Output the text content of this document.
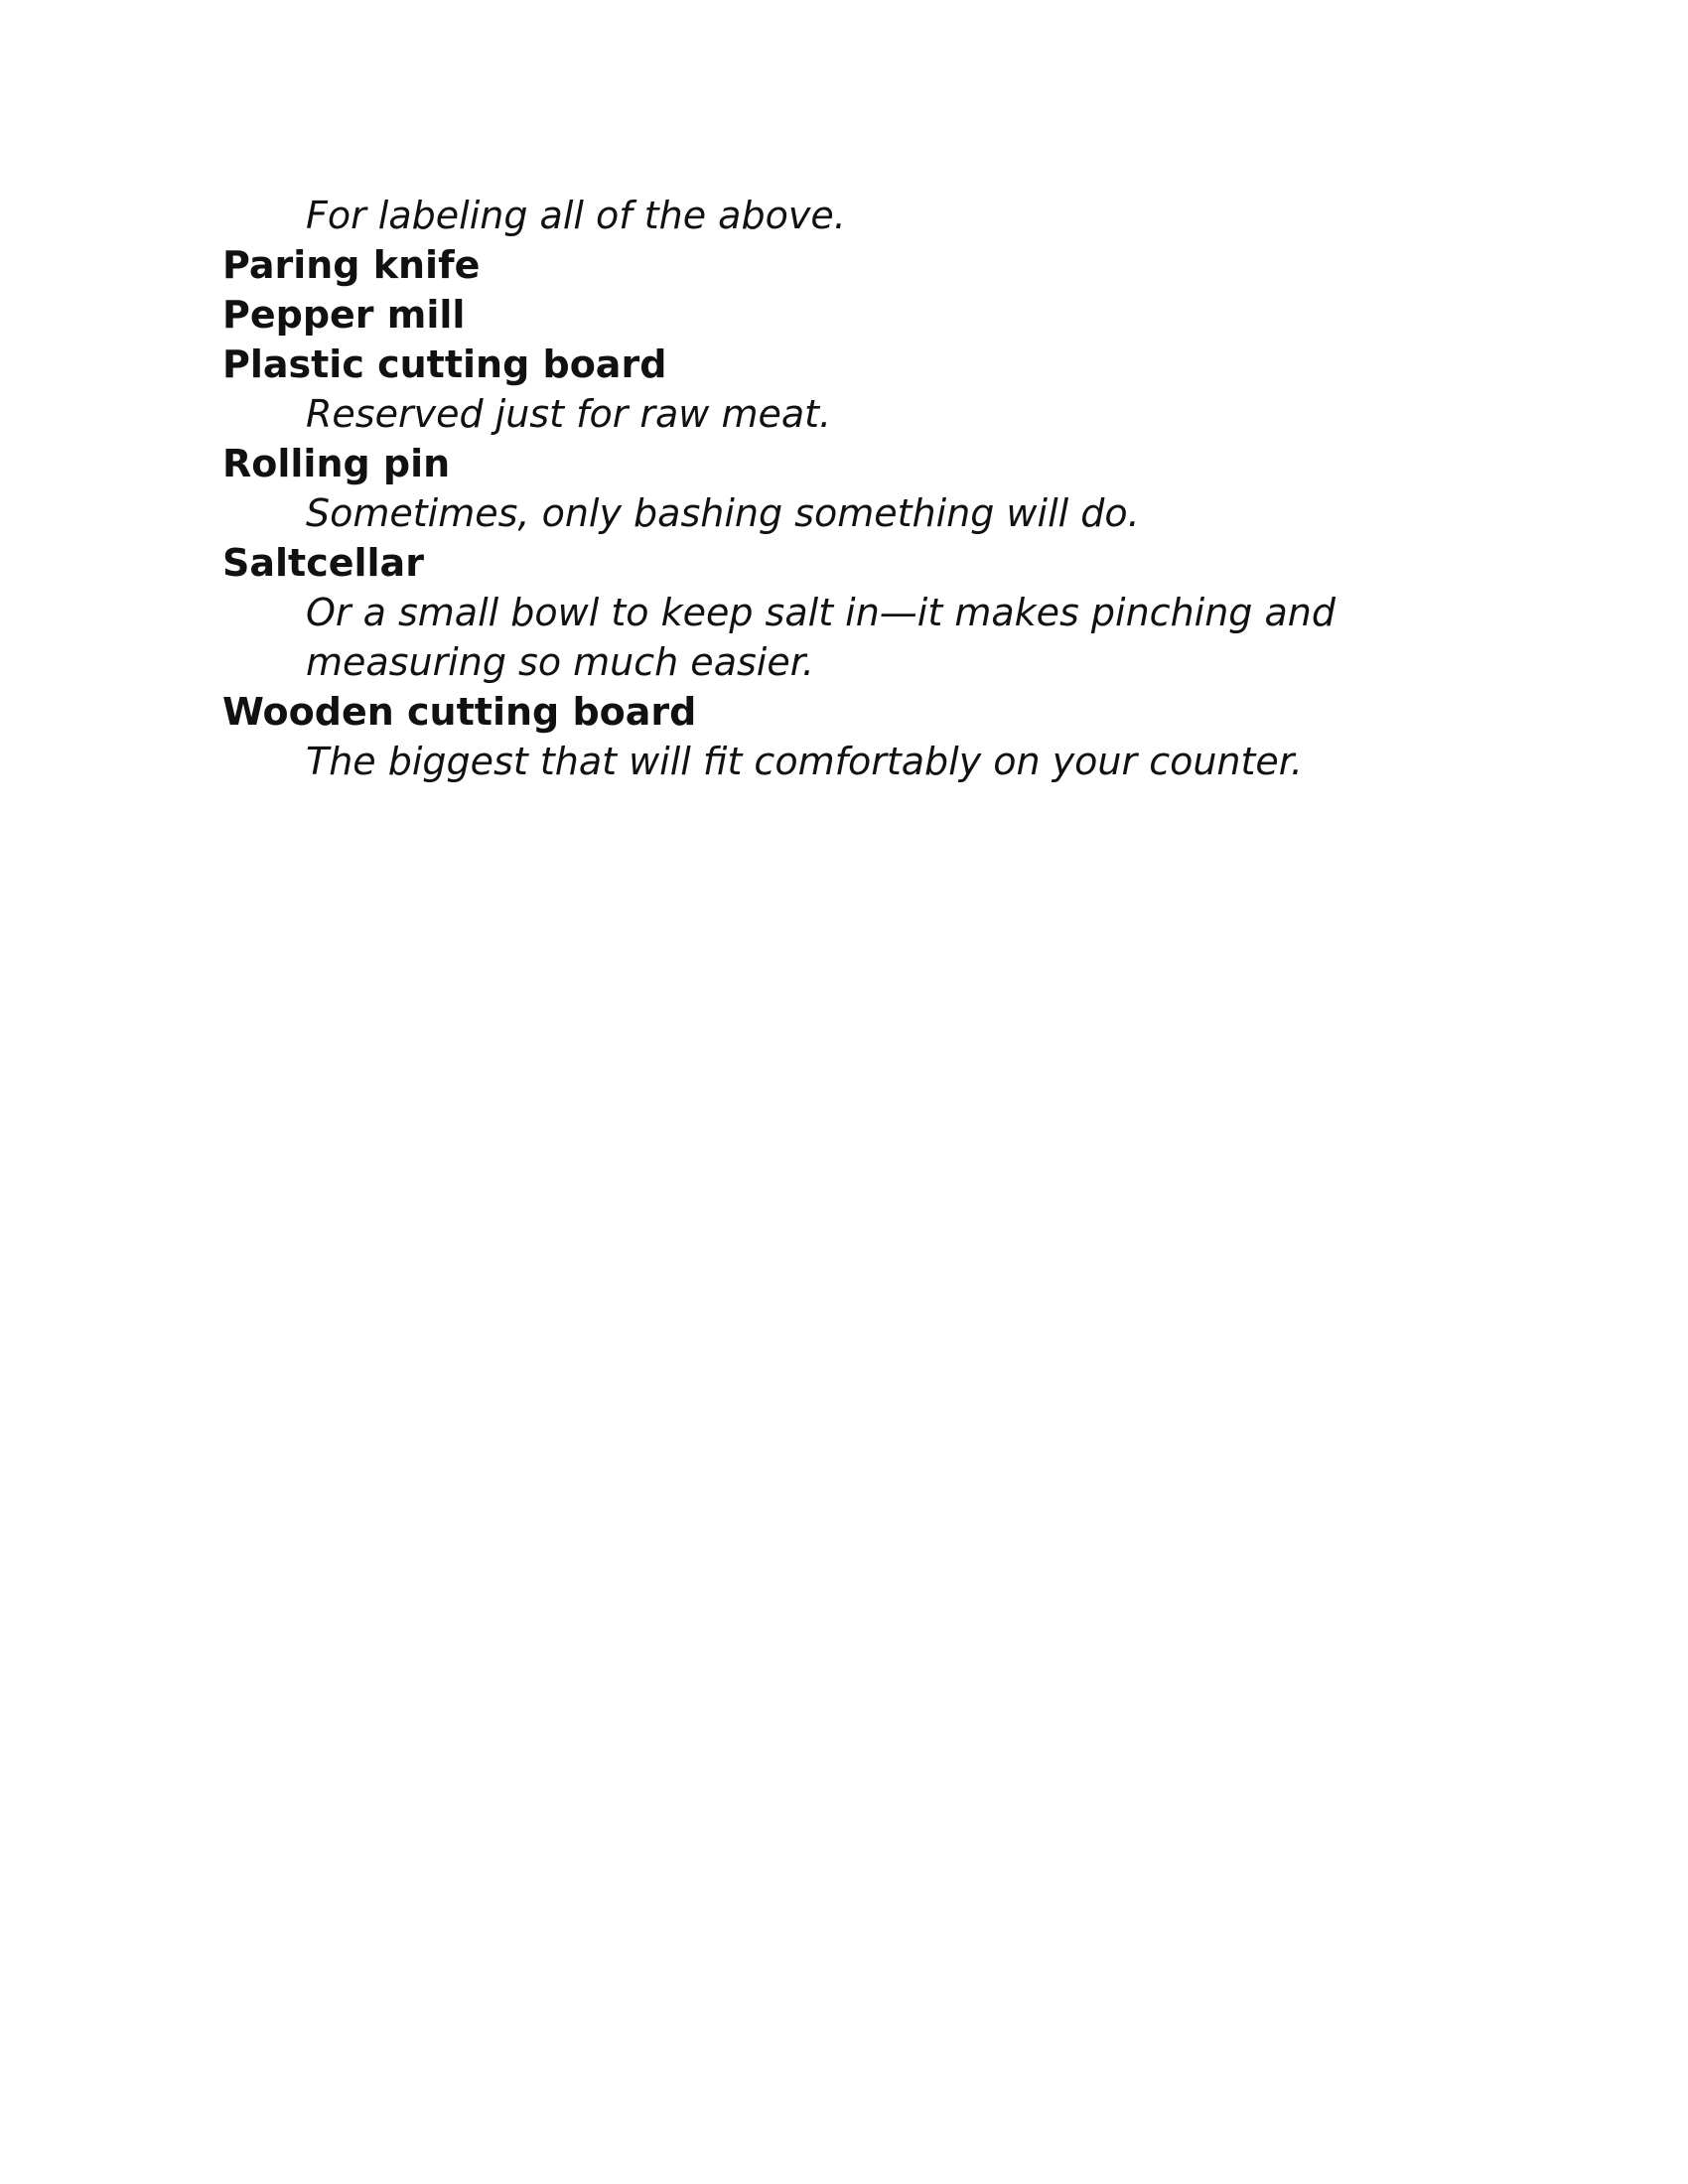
For labeling all of the above.
Paring knife
Pepper mill
Plastic cutting board
Reserved just for raw meat.
Rolling pin
Sometimes, only bashing something will do.
Saltcellar
Or a small bowl to keep salt in—it makes pinching and
measuring so much easier.
Wooden cutting board
The biggest that will fit comfortably on your counter.
